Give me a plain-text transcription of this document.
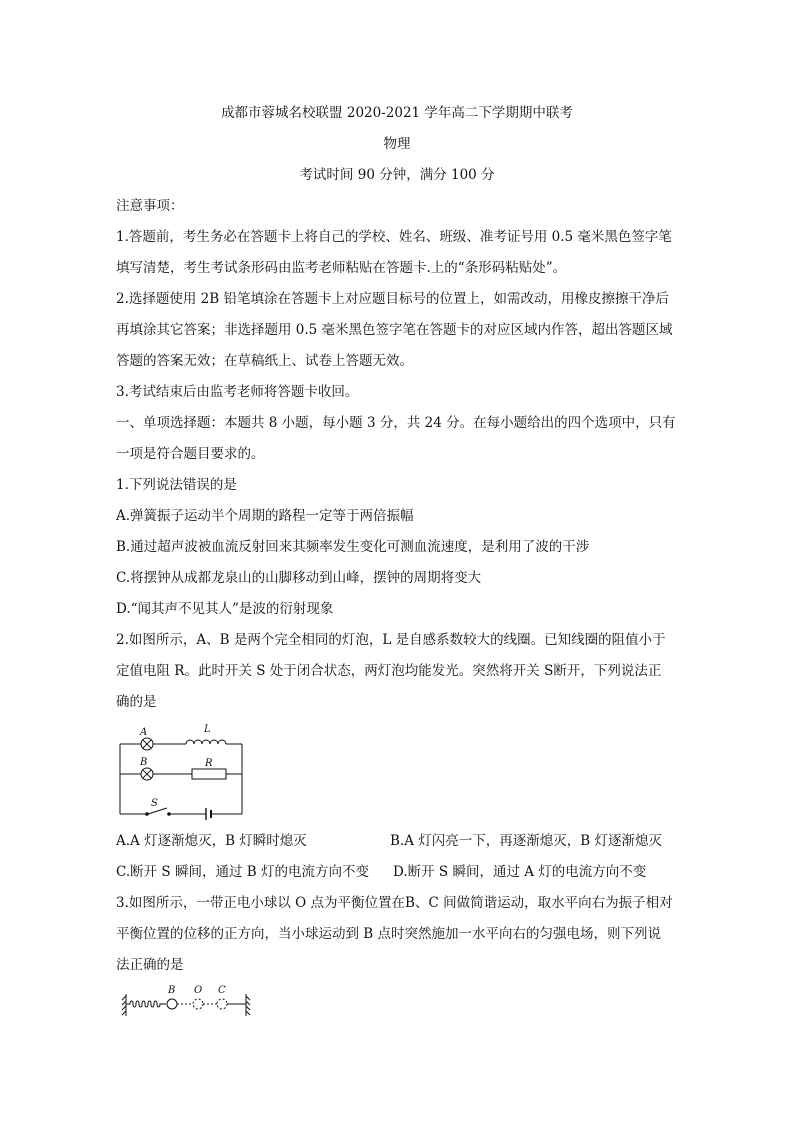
成都市蓉城名校联盟 2020-2021 学年高二下学期期中联考
物理
考试时间 90 分钟，满分 100 分
注意事项：
1.答题前，考生务必在答题卡上将自己的学校、姓名、班级、准考证号用 0.5 毫米黑色签字笔
填写清楚，考生考试条形码由监考老师粘贴在答题卡.上的“条形码粘贴处”。
2.选择题使用 2B 铅笔填涂在答题卡上对应题目标号的位置上，如需改动，用橡皮擦擦干净后
再填涂其它答案；非选择题用 0.5 毫米黑色签字笔在答题卡的对应区域内作答，超出答题区域
答题的答案无效；在草稿纸上、试卷上答题无效。
3.考试结束后由监考老师将答题卡收回。
一、单项选择题：本题共 8 小题，每小题 3 分，共 24 分。在每小题给出的四个选项中，只有
一项是符合题目要求的。
1.下列说法错误的是
A.弹簧振子运动半个周期的路程一定等于两倍振幅
B.通过超声波被血流反射回来其频率发生变化可测血流速度，是利用了波的干涉
C.将摆钟从成都龙泉山的山脚移动到山峰，摆钟的周期将变大
D.“闻其声不见其人”是波的衍射现象
2.如图所示，A、B 是两个完全相同的灯泡，L 是自感系数较大的线圈。已知线圈的阻值小于
定值电阻 R。此时开关 S 处于闭合状态，两灯泡均能发光。突然将开关 S断开，下列说法正
确的是
A	L
B	R
S
A.A 灯逐渐熄灭，B 灯瞬时熄灭	B.A 灯闪亮一下，再逐渐熄灭，B 灯逐渐熄灭
C.断开 S 瞬间，通过 B 灯的电流方向不变 D.断开 S 瞬间，通过 A 灯的电流方向不变
3.如图所示，一带正电小球以 O 点为平衡位置在B、C 间做简谐运动，取水平向右为振子相对
平衡位置的位移的正方向，当小球运动到 B 点时突然施加一水平向右的匀强电场，则下列说
法正确的是
B O C
